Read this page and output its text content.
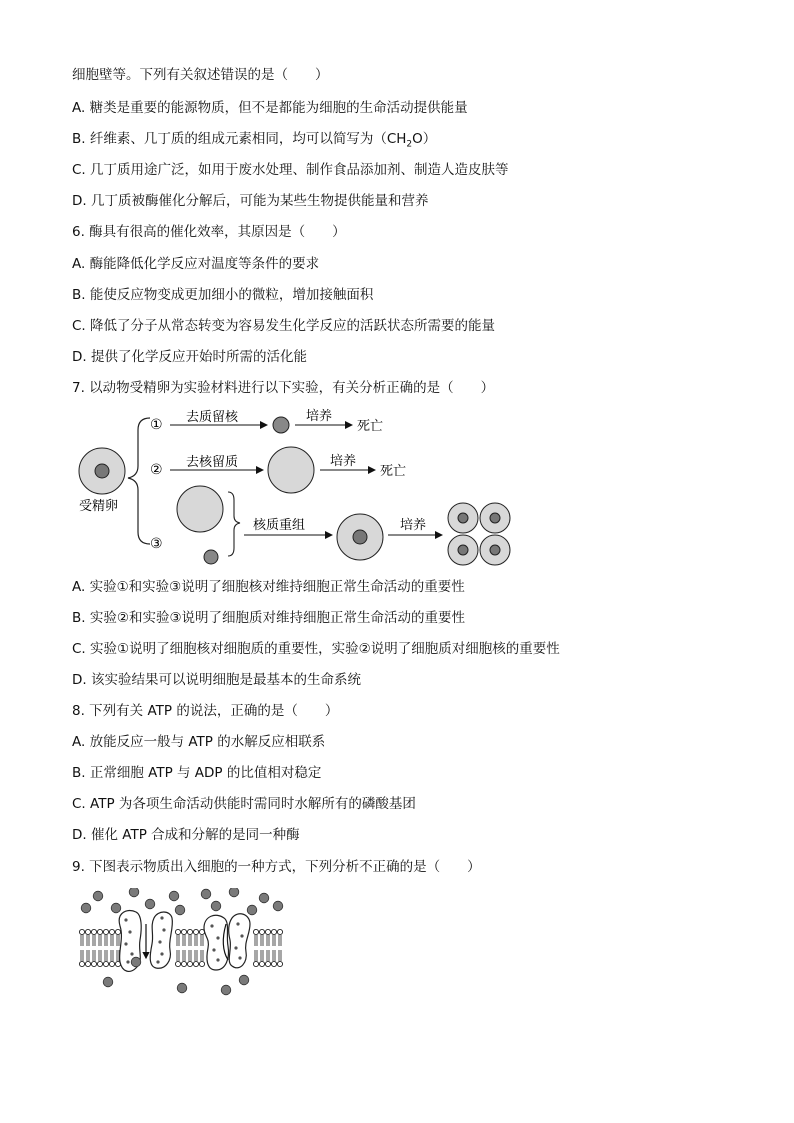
细胞壁等。下列有关叙述错误的是（　　）
A. 糖类是重要的能源物质，但不是都能为细胞的生命活动提供能量
B. 纤维素、几丁质的组成元素相同，均可以简写为$(CH_2O)$
C. 几丁质用途广泛，如用于废水处理、制作食品添加剂、制造人造皮肤等
D. 几丁质被酶催化分解后，可能为某些生物提供能量和营养
6. 酶具有很高的催化效率，其原因是（　　）
A. 酶能降低化学反应对温度等条件的要求
B. 能使反应物变成更加细小的微粒，增加接触面积
C. 降低了分子从常态转变为容易发生化学反应的活跃状态所需要的能量
D. 提供了化学反应开始时所需的活化能
7. 以动物受精卵为实验材料进行以下实验，有关分析正确的是（　　）
受精卵
① 去质留核	培养
死亡
② 去核留质	培养
死亡
③
核质重组	培养
A. 实验①和实验③说明了细胞核对维持细胞正常生命活动的重要性
B. 实验②和实验③说明了细胞质对维持细胞正常生命活动的重要性
C. 实验①说明了细胞核对细胞质的重要性，实验②说明了细胞质对细胞核的重要性
D. 该实验结果可以说明细胞是最基本的生命系统
8. 下列有关 ATP 的说法，正确的是（　　）
A. 放能反应一般与 ATP 的水解反应相联系
B. 正常细胞 ATP 与 ADP 的比值相对稳定
C. ATP 为各项生命活动供能时需同时水解所有的磷酸基团
D. 催化 ATP 合成和分解的是同一种酶
9. 下图表示物质出入细胞的一种方式，下列分析不正确的是（　　）
